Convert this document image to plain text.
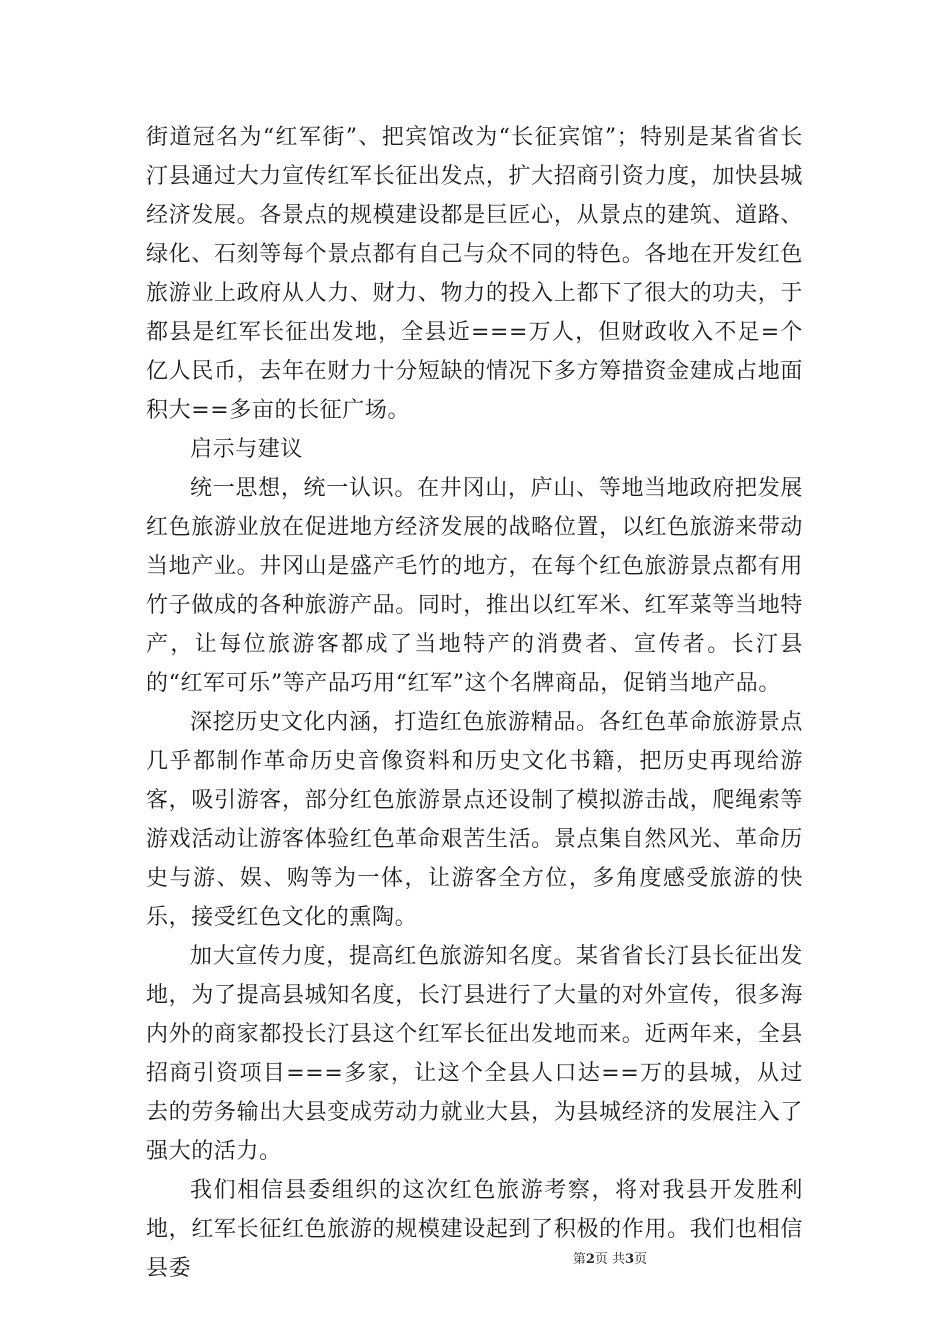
街道冠名为“红军街”、把宾馆改为“长征宾馆”；特别是某省省长汀县通过大力宣传红军长征出发点，扩大招商引资力度，加快县城经济发展。各景点的规模建设都是巨匠心，从景点的建筑、道路、绿化、石刻等每个景点都有自己与众不同的特色。各地在开发红色旅游业上政府从人力、财力、物力的投入上都下了很大的功夫，于都县是红军长征出发地，全县近===万人，但财政收入不足=个亿人民币，去年在财力十分短缺的情况下多方筹措资金建成占地面积大==多亩的长征广场。

启示与建议

统一思想，统一认识。在井冈山，庐山、等地当地政府把发展红色旅游业放在促进地方经济发展的战略位置，以红色旅游来带动当地产业。井冈山是盛产毛竹的地方，在每个红色旅游景点都有用竹子做成的各种旅游产品。同时，推出以红军米、红军菜等当地特产，让每位旅游客都成了当地特产的消费者、宣传者。长汀县的“红军可乐”等产品巧用“红军”这个名牌商品，促销当地产品。

深挖历史文化内涵，打造红色旅游精品。各红色革命旅游景点几乎都制作革命历史音像资料和历史文化书籍，把历史再现给游客，吸引游客，部分红色旅游景点还设制了模拟游击战，爬绳索等游戏活动让游客体验红色革命艰苦生活。景点集自然风光、革命历史与游、娱、购等为一体，让游客全方位，多角度感受旅游的快乐，接受红色文化的熏陶。

加大宣传力度，提高红色旅游知名度。某省省长汀县长征出发地，为了提高县城知名度，长汀县进行了大量的对外宣传，很多海内外的商家都投长汀县这个红军长征出发地而来。近两年来，全县招商引资项目===多家，让这个全县人口达==万的县城，从过去的劳务输出大县变成劳动力就业大县，为县城经济的发展注入了强大的活力。

我们相信县委组织的这次红色旅游考察，将对我县开发胜利地，红军长征红色旅游的规模建设起到了积极的作用。我们也相信县委	第2页 共3页
